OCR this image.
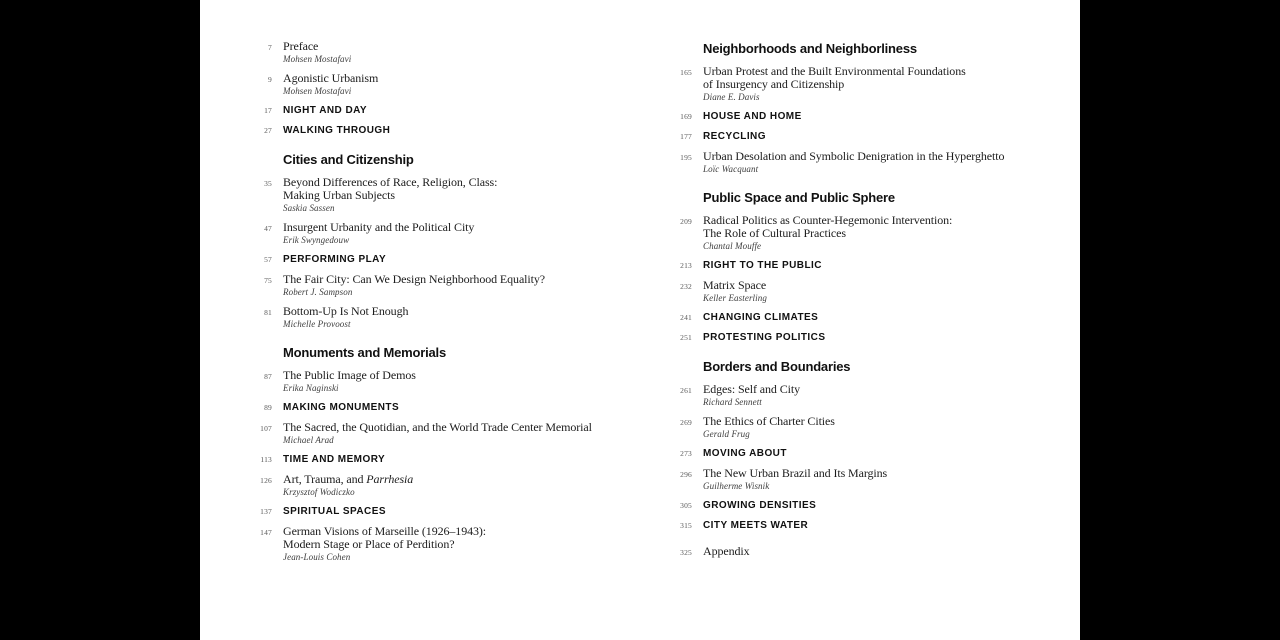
7 Preface
Mohsen Mostafavi
9 Agonistic Urbanism
Mohsen Mostafavi
17 NIGHT AND DAY
27 WALKING THROUGH
Cities and Citizenship
35 Beyond Differences of Race, Religion, Class:
Making Urban Subjects
Saskia Sassen
47 Insurgent Urbanity and the Political City
Erik Swyngedouw
57 PERFORMING PLAY
75 The Fair City: Can We Design Neighborhood Equality?
Robert J. Sampson
81 Bottom-Up Is Not Enough
Michelle Provoost
Monuments and Memorials
87 The Public Image of Demos
Erika Naginski
89 MAKING MONUMENTS
107 The Sacred, the Quotidian, and the World Trade Center Memorial
Michael Arad
113 TIME AND MEMORY
126 Art, Trauma, and Parrhesia
Krzysztof Wodiczko
137 SPIRITUAL SPACES
147 German Visions of Marseille (1926–1943):
Modern Stage or Place of Perdition?
Jean-Louis Cohen
Neighborhoods and Neighborliness
165 Urban Protest and the Built Environmental Foundations
of Insurgency and Citizenship
Diane E. Davis
169 HOUSE AND HOME
177 RECYCLING
195 Urban Desolation and Symbolic Denigration in the Hyperghetto
Loïc Wacquant
Public Space and Public Sphere
209 Radical Politics as Counter-Hegemonic Intervention:
The Role of Cultural Practices
Chantal Mouffe
213 RIGHT TO THE PUBLIC
232 Matrix Space
Keller Easterling
241 CHANGING CLIMATES
251 PROTESTING POLITICS
Borders and Boundaries
261 Edges: Self and City
Richard Sennett
269 The Ethics of Charter Cities
Gerald Frug
273 MOVING ABOUT
296 The New Urban Brazil and Its Margins
Guilherme Wisnik
305 GROWING DENSITIES
315 CITY MEETS WATER
325 Appendix
